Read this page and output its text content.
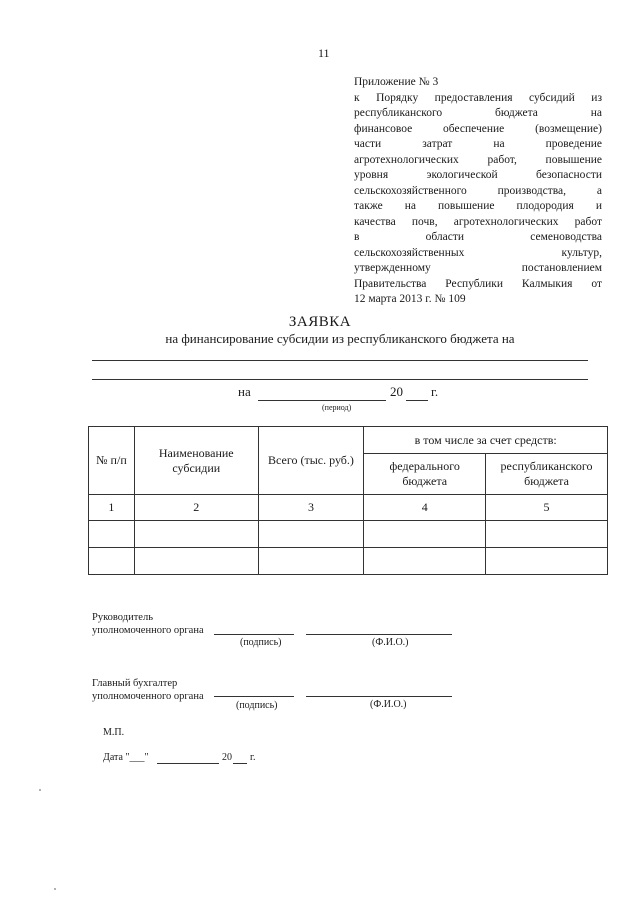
11
Приложение № 3
к Порядку предоставления субсидий из
республиканского бюджета на
финансовое обеспечение (возмещение)
части затрат на проведение
агротехнологических работ, повышение
уровня экологической безопасности
сельскохозяйственного производства, а
также на повышение плодородия и
качества почв, агротехнологических работ
в области семеноводства
сельскохозяйственных культур,
утвержденному постановлением
Правительства Республики Калмыкия от
12 марта 2013 г. № 109
ЗАЯВКА
на финансирование субсидии из республиканского бюджета на
на	20 г.
(период)
№ п/п	Наименование субсидии	Всего (тыс. руб.)	в том числе за счет средств:	
			федерального бюджета	республиканского бюджета
1	2	3	4	5

Руководитель
уполномоченного органа
(подпись)	(Ф.И.О.)
Главный бухгалтер
уполномоченного органа
(подпись)	(Ф.И.О.)
М.П.
Дата "___"	20 г.
